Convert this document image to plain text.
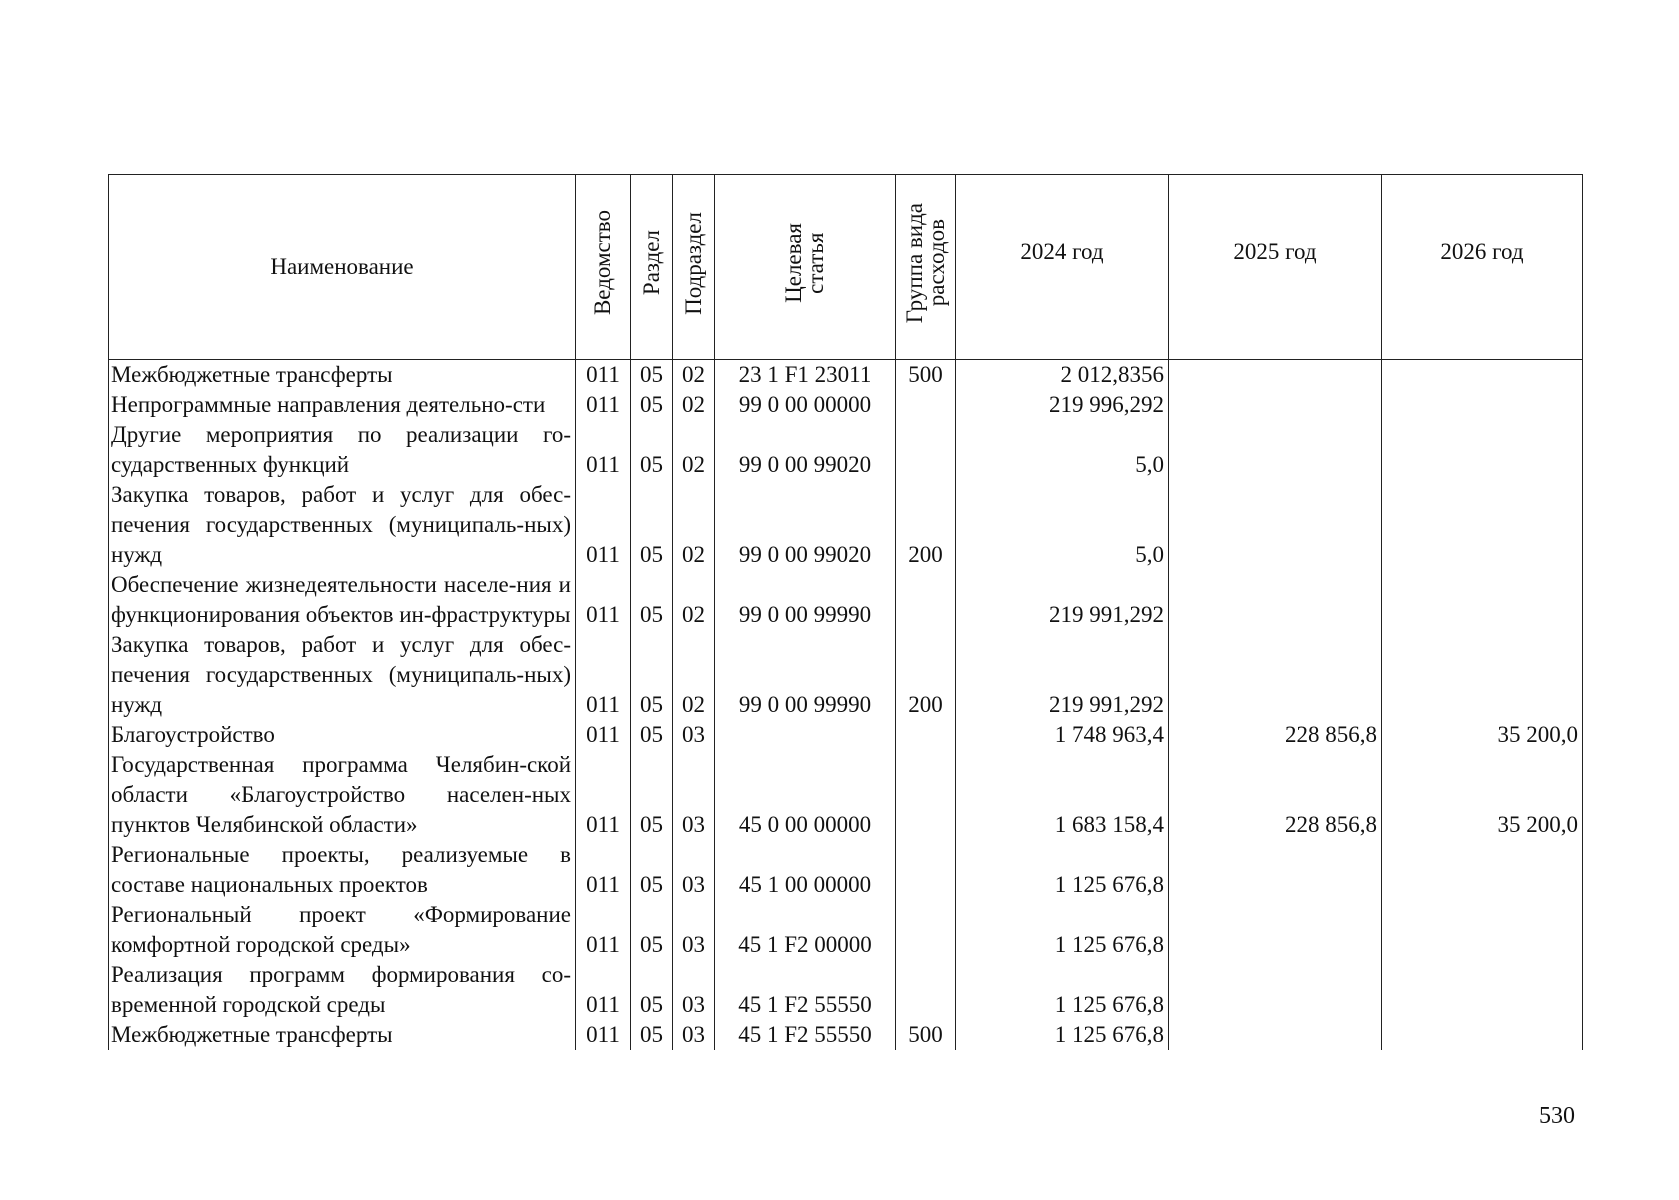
Наименование	Ведомство	Раздел	Подраздел	Целевая
статья	Группа вида
расходов	2024 год	2025 год	2026 год
Межбюджетные трансферты	011	05	02	23 1 F1 23011	500	2 012,8356		
Непрограммные направления деятельно-сти	011	05	02	99 0 00 00000		219 996,292		
Другие мероприятия по реализации го-сударственных функций	011	05	02	99 0 00 99020		5,0		
Закупка товаров, работ и услуг для обес-печения государственных (муниципаль-ных) нужд	011	05	02	99 0 00 99020	200	5,0		
Обеспечение жизнедеятельности населе-ния и функционирования объектов ин-фраструктуры	011	05	02	99 0 00 99990		219 991,292		
Закупка товаров, работ и услуг для обес-печения государственных (муниципаль-ных) нужд	011	05	02	99 0 00 99990	200	219 991,292		
Благоустройство	011	05	03			1 748 963,4	228 856,8	35 200,0
Государственная программа Челябин-ской области «Благоустройство населен-ных пунктов Челябинской области»	011	05	03	45 0 00 00000		1 683 158,4	228 856,8	35 200,0
Региональные проекты, реализуемые в составе национальных проектов	011	05	03	45 1 00 00000		1 125 676,8		
Региональный проект «Формирование комфортной городской среды»	011	05	03	45 1 F2 00000		1 125 676,8		
Реализация программ формирования со-временной городской среды	011	05	03	45 1 F2 55550		1 125 676,8		
Межбюджетные трансферты	011	05	03	45 1 F2 55550	500	1 125 676,8		
530
